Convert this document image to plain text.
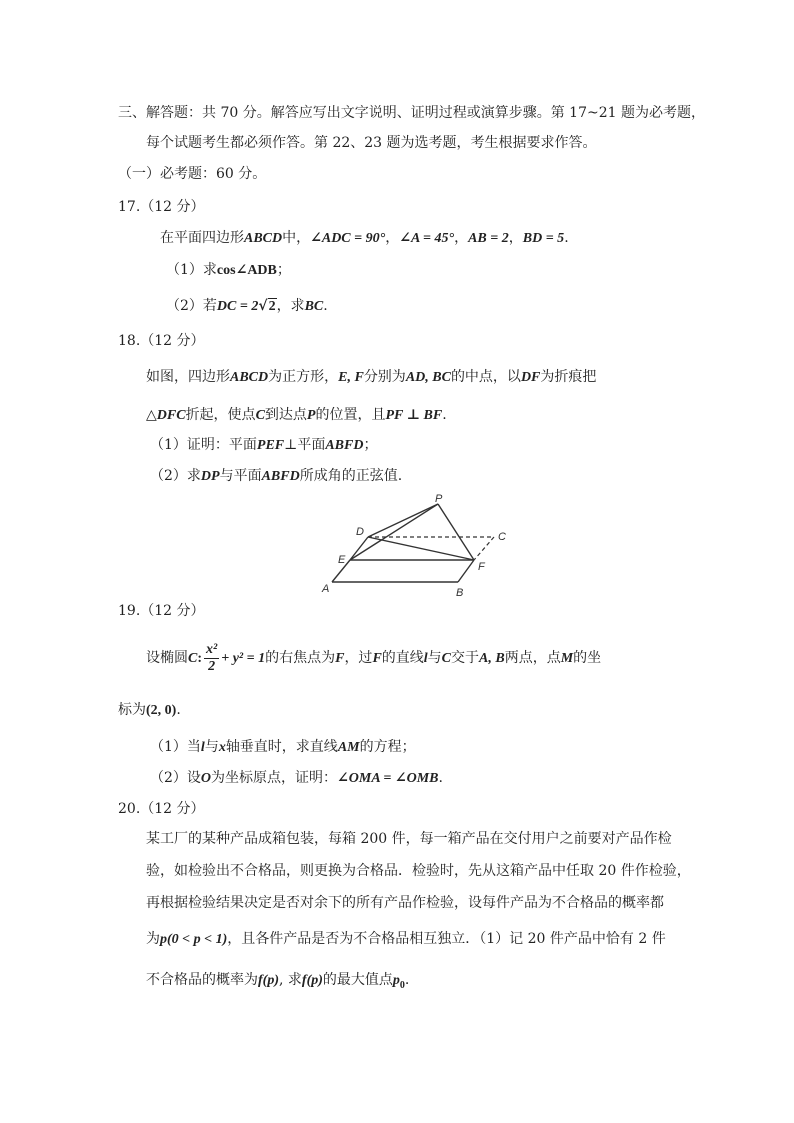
三、解答题：共 70 分。解答应写出文字说明、证明过程或演算步骤。第 17~21 题为必考题，
每个试题考生都必须作答。第 22、23 题为选考题，考生根据要求作答。
（一）必考题：60 分。
17.（12 分）
在平面四边形ABCD中，∠ADC = 90°，∠A = 45°，AB = 2，BD = 5.
（1）求cos∠ADB；
（2）若DC = 2√2，求BC.
18.（12 分）
如图，四边形ABCD为正方形，E, F分别为AD, BC的中点，以DF为折痕把
△DFC折起，使点C到达点P的位置，且PF ⊥ BF.
（1）证明：平面PEF⊥平面ABFD；
（2）求DP与平面ABFD所成角的正弦值.
P
D	C
E
F
A	B
19.（12 分）
设椭圆C: $\frac{\text{x²}}{2} + y^2 = 1$的右焦点为F，过F的直线l与C交于A, B两点，点M的坐
标为(2, 0).
（1）当l与x轴垂直时，求直线AM的方程；
（2）设O为坐标原点，证明：∠OMA = ∠OMB.
20.（12 分）
某工厂的某种产品成箱包装，每箱 200 件，每一箱产品在交付用户之前要对产品作检
验，如检验出不合格品，则更换为合格品．检验时，先从这箱产品中任取 20 件作检验，
再根据检验结果决定是否对余下的所有产品作检验，设每件产品为不合格品的概率都
为p(0 < p < 1)，且各件产品是否为不合格品相互独立．（1）记 20 件产品中恰有 2 件
不合格品的概率为f(p), 求f(p)的最大值点$p_0$.
